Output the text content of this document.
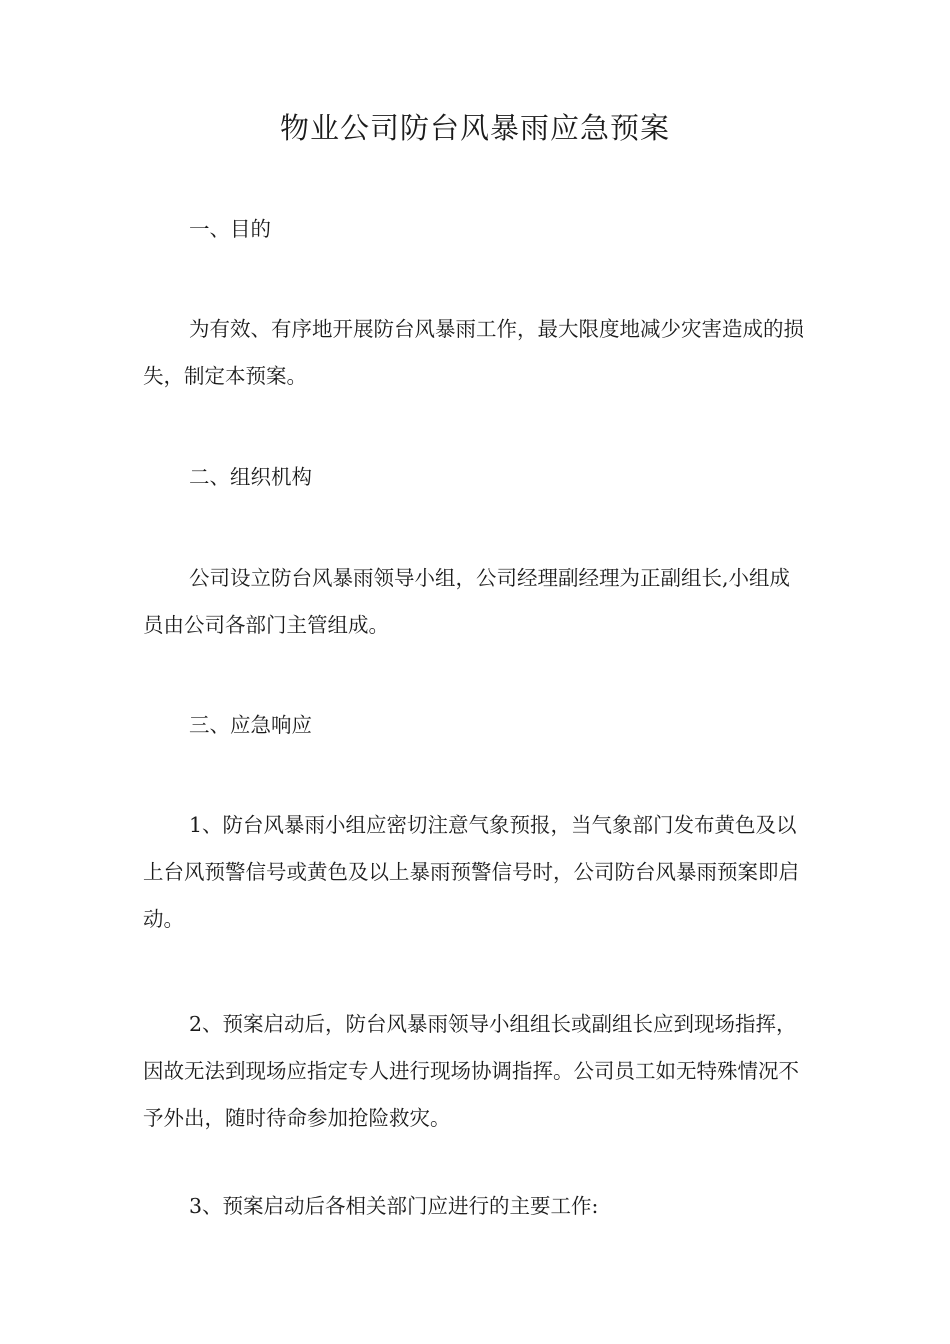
物业公司防台风暴雨应急预案
一、目的

为有效、有序地开展防台风暴雨工作，最大限度地减少灾害造成的损失，制定本预案。

二、组织机构

公司设立防台风暴雨领导小组，公司经理副经理为正副组长,小组成员由公司各部门主管组成。

三、应急响应

1、防台风暴雨小组应密切注意气象预报，当气象部门发布黄色及以上台风预警信号或黄色及以上暴雨预警信号时，公司防台风暴雨预案即启动。

2、预案启动后，防台风暴雨领导小组组长或副组长应到现场指挥，因故无法到现场应指定专人进行现场协调指挥。公司员工如无特殊情况不予外出，随时待命参加抢险救灾。

3、预案启动后各相关部门应进行的主要工作:
